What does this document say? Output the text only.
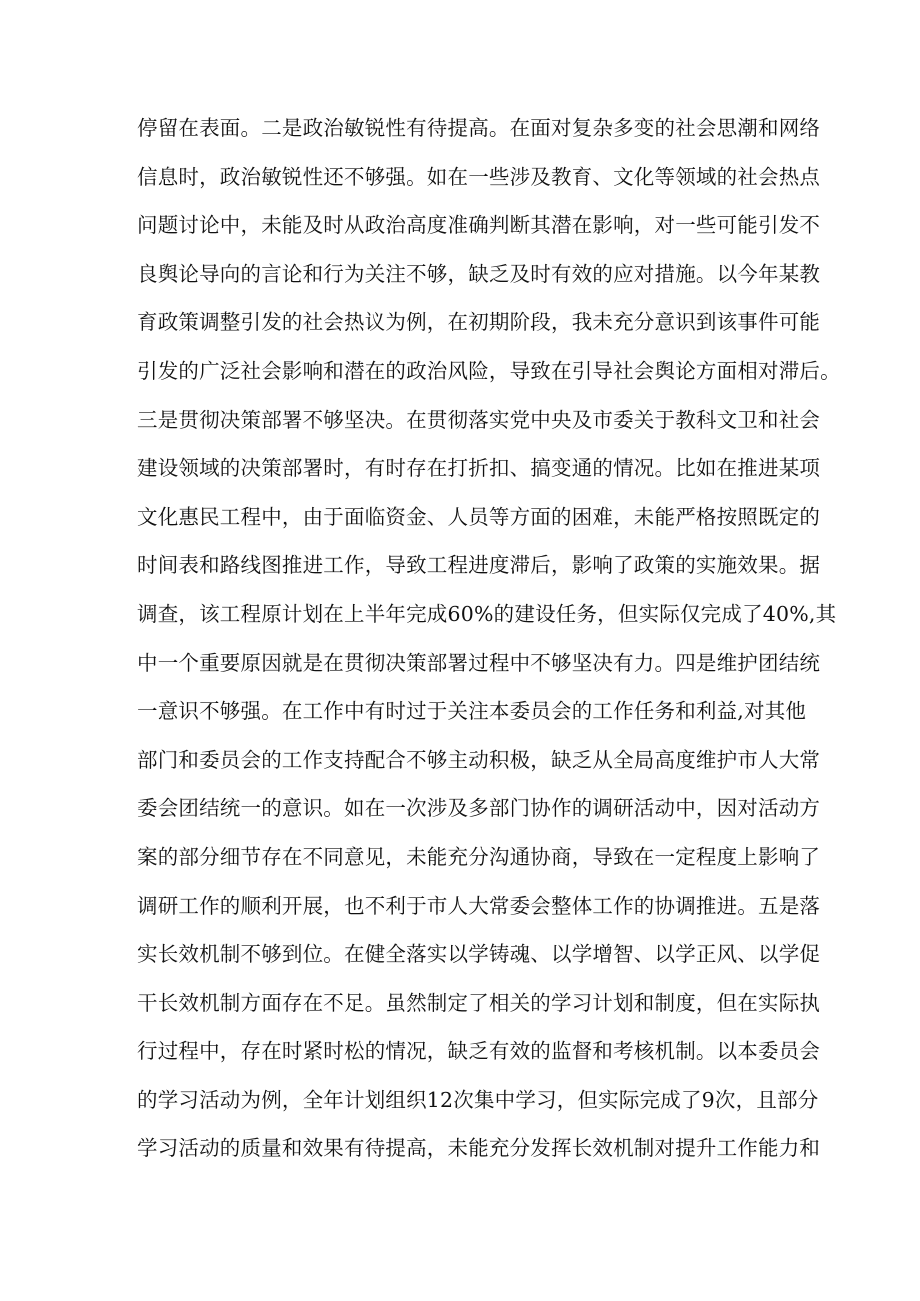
停留在表面。二是政治敏锐性有待提高。在面对复杂多变的社会思潮和网络
信息时，政治敏锐性还不够强。如在一些涉及教育、文化等领域的社会热点
问题讨论中，未能及时从政治高度准确判断其潜在影响，对一些可能引发不
良舆论导向的言论和行为关注不够，缺乏及时有效的应对措施。以今年某教
育政策调整引发的社会热议为例，在初期阶段，我未充分意识到该事件可能
引发的广泛社会影响和潜在的政治风险，导致在引导社会舆论方面相对滞后。
三是贯彻决策部署不够坚决。在贯彻落实党中央及市委关于教科文卫和社会
建设领域的决策部署时，有时存在打折扣、搞变通的情况。比如在推进某项
文化惠民工程中，由于面临资金、人员等方面的困难，未能严格按照既定的
时间表和路线图推进工作，导致工程进度滞后，影响了政策的实施效果。据
调查，该工程原计划在上半年完成60%的建设任务，但实际仅完成了40%,其
中一个重要原因就是在贯彻决策部署过程中不够坚决有力。四是维护团结统
一意识不够强。在工作中有时过于关注本委员会的工作任务和利益,对其他
部门和委员会的工作支持配合不够主动积极，缺乏从全局高度维护市人大常
委会团结统一的意识。如在一次涉及多部门协作的调研活动中，因对活动方
案的部分细节存在不同意见，未能充分沟通协商，导致在一定程度上影响了
调研工作的顺利开展，也不利于市人大常委会整体工作的协调推进。五是落
实长效机制不够到位。在健全落实以学铸魂、以学增智、以学正风、以学促
干长效机制方面存在不足。虽然制定了相关的学习计划和制度，但在实际执
行过程中，存在时紧时松的情况，缺乏有效的监督和考核机制。以本委员会
的学习活动为例，全年计划组织12次集中学习，但实际完成了9次，且部分
学习活动的质量和效果有待提高，未能充分发挥长效机制对提升工作能力和
